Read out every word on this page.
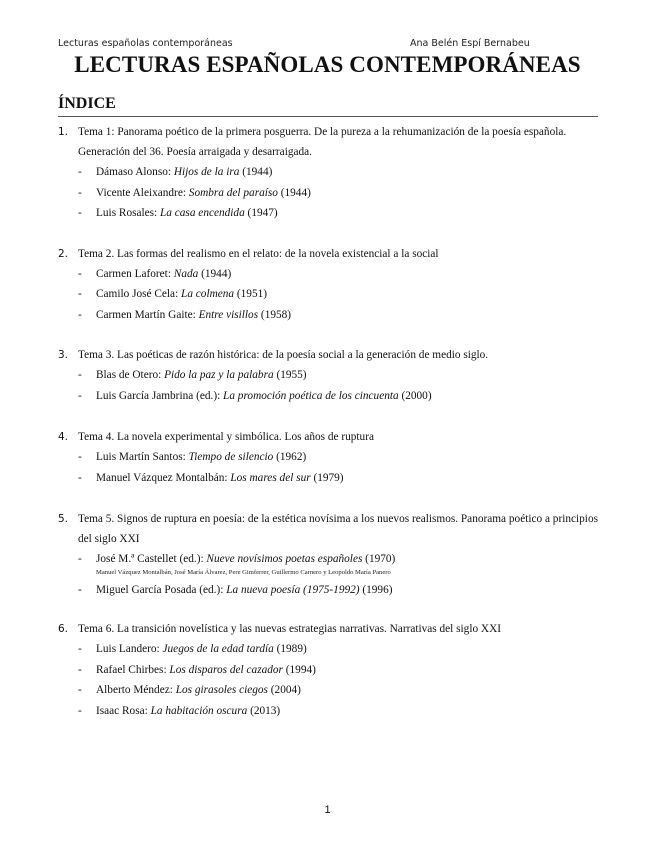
Lecturas españolas contemporáneas	Ana Belén Espí Bernabeu
LECTURAS ESPAÑOLAS CONTEMPORÁNEAS
ÍNDICE
1. Tema 1: Panorama poético de la primera posguerra. De la pureza a la rehumanización de la poesía española. Generación del 36. Poesía arraigada y desarraigada.
- Dámaso Alonso: Hijos de la ira (1944)
- Vicente Aleixandre: Sombra del paraíso (1944)
- Luis Rosales: La casa encendida (1947)
2. Tema 2. Las formas del realismo en el relato: de la novela existencial a la social
- Carmen Laforet: Nada (1944)
- Camilo José Cela: La colmena (1951)
- Carmen Martín Gaite: Entre visillos (1958)
3. Tema 3. Las poéticas de razón histórica: de la poesía social a la generación de medio siglo.
- Blas de Otero: Pido la paz y la palabra (1955)
- Luis García Jambrina (ed.): La promoción poética de los cincuenta (2000)
4. Tema 4. La novela experimental y simbólica. Los años de ruptura
- Luis Martín Santos: Tiempo de silencio (1962)
- Manuel Vázquez Montalbán: Los mares del sur (1979)
5. Tema 5. Signos de ruptura en poesía: de la estética novísima a los nuevos realismos. Panorama poético a principios del siglo XXI
- José M.ª Castellet (ed.): Nueve novísimos poetas españoles (1970)
Manuel Vázquez Montalbán, José María Álvarez, Pere Gimferrer, Guillermo Carnero y Leopoldo María Panero
- Miguel García Posada (ed.): La nueva poesía (1975-1992) (1996)
6. Tema 6. La transición novelística y las nuevas estrategias narrativas. Narrativas del siglo XXI
- Luis Landero: Juegos de la edad tardía (1989)
- Rafael Chirbes: Los disparos del cazador (1994)
- Alberto Méndez: Los girasoles ciegos (2004)
- Isaac Rosa: La habitación oscura (2013)
1
